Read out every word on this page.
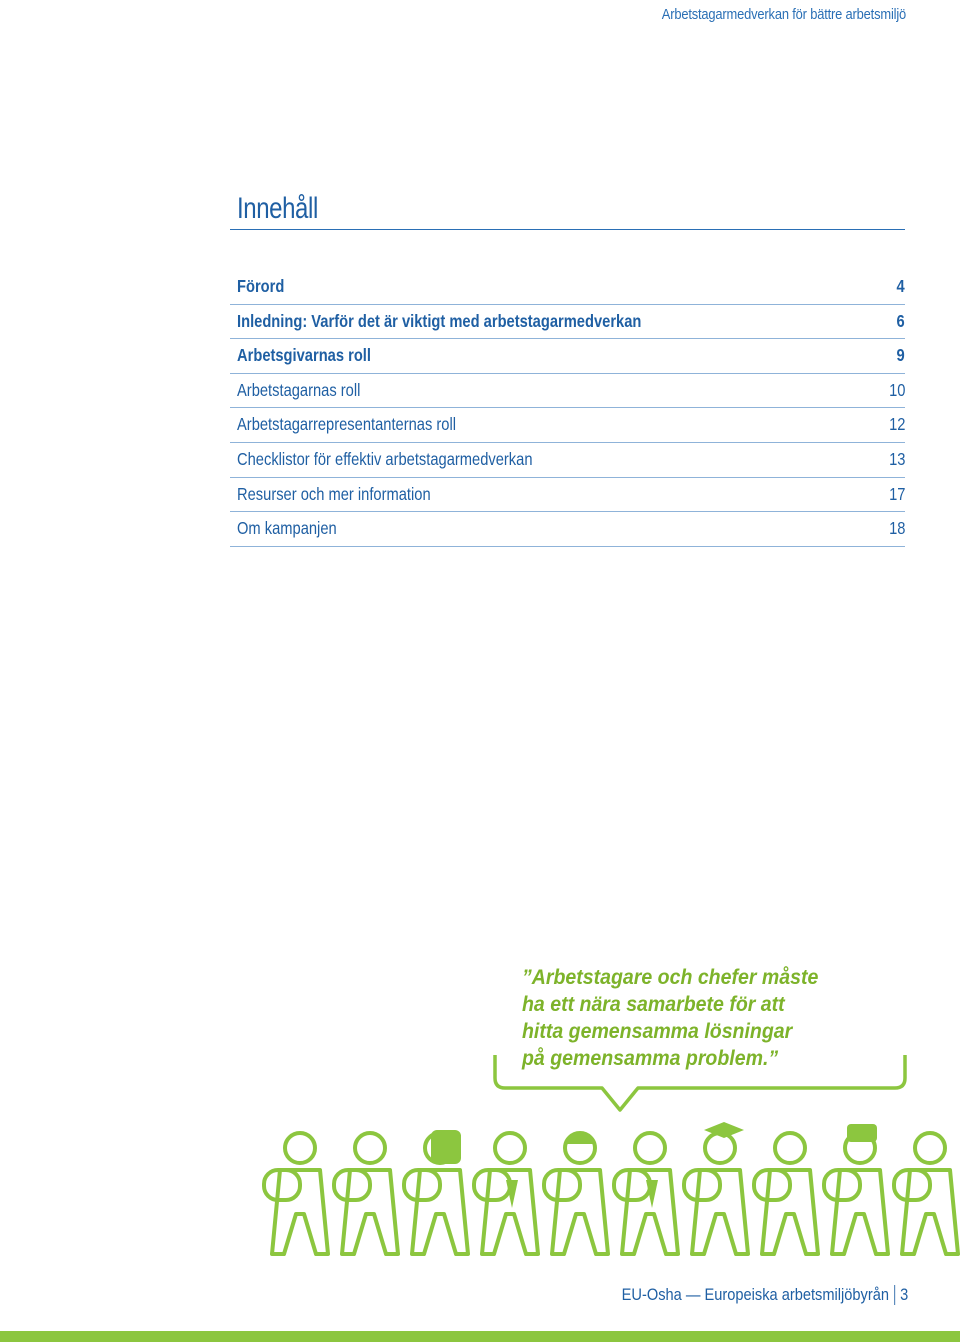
Arbetstagarmedverkan för bättre arbetsmiljö
Innehåll
Förord	4
Inledning: Varför det är viktigt med arbetstagarmedverkan	6
Arbetsgivarnas roll	9
Arbetstagarnas roll	10
Arbetstagarrepresentanternas roll	12
Checklistor för effektiv arbetstagarmedverkan	13
Resurser och mer information	17
Om kampanjen	18
”Arbetstagare och chefer måste
ha ett nära samarbete för att
hitta gemensamma lösningar
på gemensamma problem.”
EU-Osha — Europeiska arbetsmiljöbyrån 3
